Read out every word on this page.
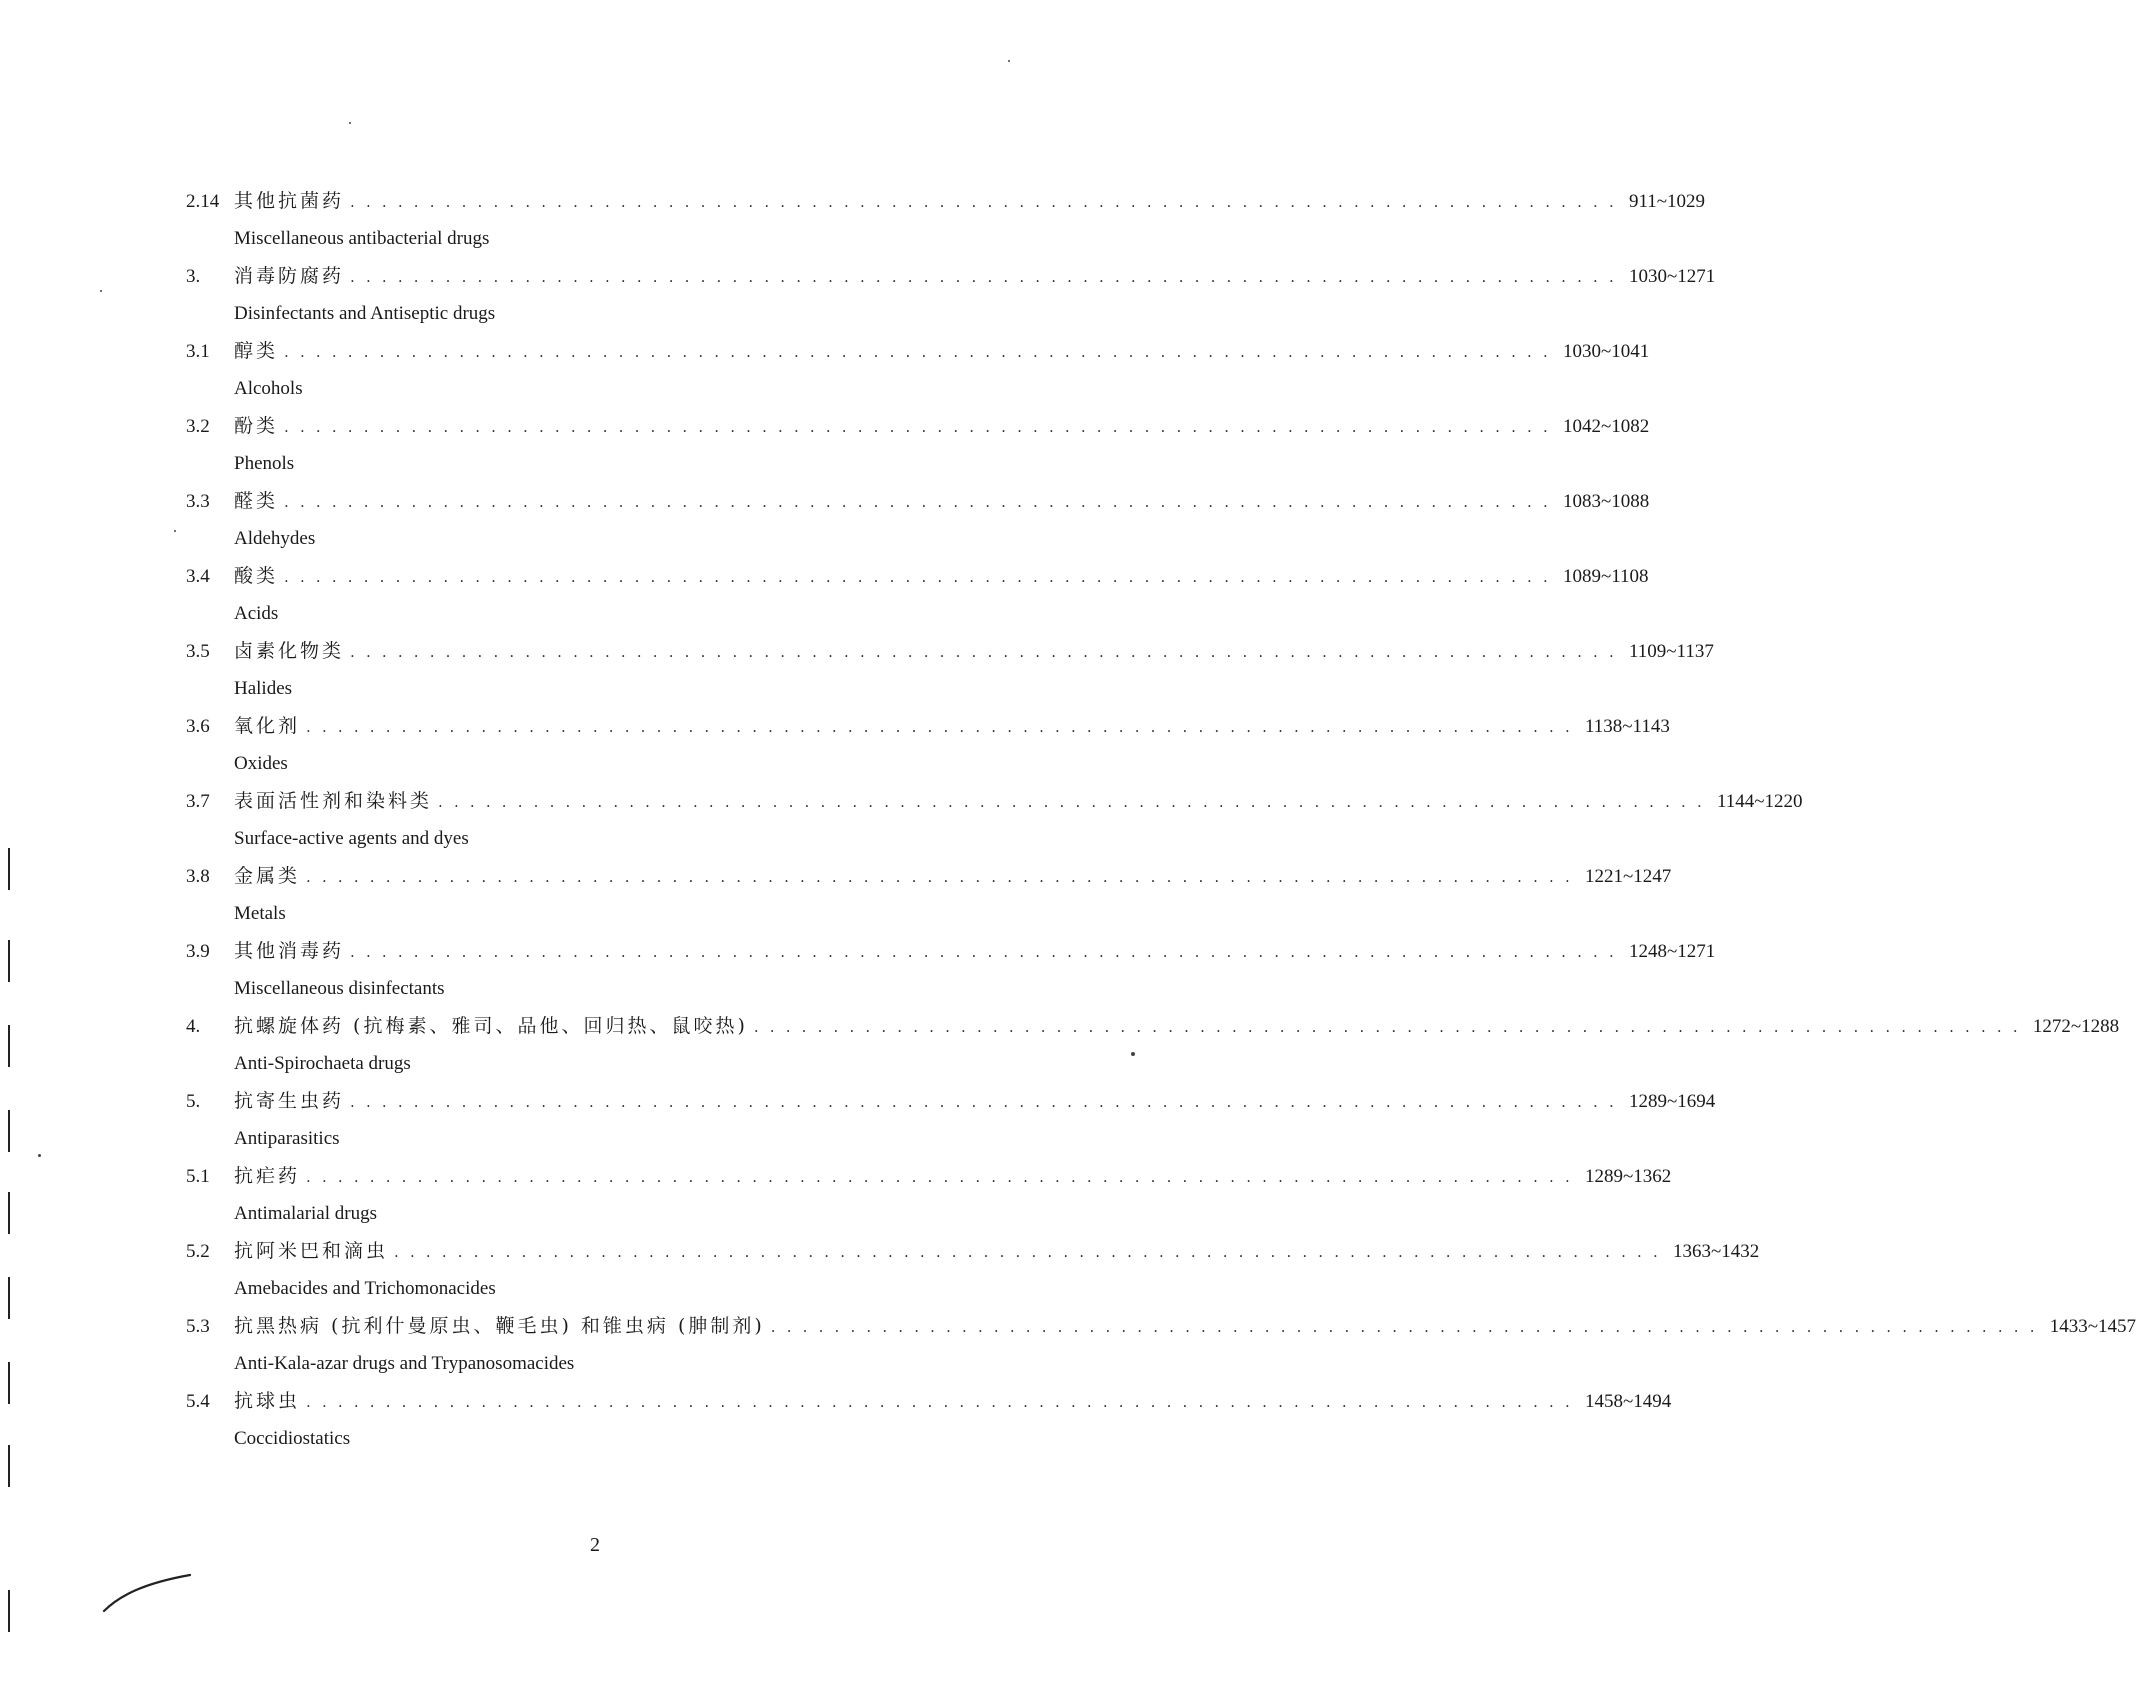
2.14 其他抗菌药 . . . . . . . . . . . . . . . . . . . . . . . . . . . . . . . . . . . . . . . . . . . . . . . . . . . . . . . . . . . . . . . . . . . . . . . . . . . . . . . . 911~1029
Miscellaneous antibacterial drugs
3.	消毒防腐药 . . . . . . . . . . . . . . . . . . . . . . . . . . . . . . . . . . . . . . . . . . . . . . . . . . . . . . . . . . . . . . . . . . . . . . . . . . . . . . . . 1030~1271
Disinfectants and Antiseptic drugs
3.1	醇类 . . . . . . . . . . . . . . . . . . . . . . . . . . . . . . . . . . . . . . . . . . . . . . . . . . . . . . . . . . . . . . . . . . . . . . . . . . . . . . . . 1030~1041
Alcohols
3.2	酚类 . . . . . . . . . . . . . . . . . . . . . . . . . . . . . . . . . . . . . . . . . . . . . . . . . . . . . . . . . . . . . . . . . . . . . . . . . . . . . . . . 1042~1082
Phenols
3.3	醛类 . . . . . . . . . . . . . . . . . . . . . . . . . . . . . . . . . . . . . . . . . . . . . . . . . . . . . . . . . . . . . . . . . . . . . . . . . . . . . . . . 1083~1088
Aldehydes
3.4	酸类 . . . . . . . . . . . . . . . . . . . . . . . . . . . . . . . . . . . . . . . . . . . . . . . . . . . . . . . . . . . . . . . . . . . . . . . . . . . . . . . . 1089~1108
Acids
3.5	卤素化物类 . . . . . . . . . . . . . . . . . . . . . . . . . . . . . . . . . . . . . . . . . . . . . . . . . . . . . . . . . . . . . . . . . . . . . . . . . . . . . . . . 1109~1137
Halides
3.6	氧化剂 . . . . . . . . . . . . . . . . . . . . . . . . . . . . . . . . . . . . . . . . . . . . . . . . . . . . . . . . . . . . . . . . . . . . . . . . . . . . . . . . 1138~1143
Oxides
3.7	表面活性剂和染料类 . . . . . . . . . . . . . . . . . . . . . . . . . . . . . . . . . . . . . . . . . . . . . . . . . . . . . . . . . . . . . . . . . . . . . . . . . . . . . . . . 1144~1220
Surface-active agents and dyes
3.8	金属类 . . . . . . . . . . . . . . . . . . . . . . . . . . . . . . . . . . . . . . . . . . . . . . . . . . . . . . . . . . . . . . . . . . . . . . . . . . . . . . . . 1221~1247
Metals
3.9	其他消毒药 . . . . . . . . . . . . . . . . . . . . . . . . . . . . . . . . . . . . . . . . . . . . . . . . . . . . . . . . . . . . . . . . . . . . . . . . . . . . . . . . 1248~1271
Miscellaneous disinfectants
4.	抗螺旋体药 (抗梅素、雅司、品他、回归热、鼠咬热) . . . . . . . . . . . . . . . . . . . . . . . . . . . . . . . . . . . . . . . . . . . . . . . . . . . . . . . . . . . . . . . . . . . . . . . . . . . . . . . . 1272~1288
Anti-Spirochaeta drugs
5.	抗寄生虫药 . . . . . . . . . . . . . . . . . . . . . . . . . . . . . . . . . . . . . . . . . . . . . . . . . . . . . . . . . . . . . . . . . . . . . . . . . . . . . . . . 1289~1694
Antiparasitics
5.1	抗疟药 . . . . . . . . . . . . . . . . . . . . . . . . . . . . . . . . . . . . . . . . . . . . . . . . . . . . . . . . . . . . . . . . . . . . . . . . . . . . . . . . 1289~1362
Antimalarial drugs
5.2	抗阿米巴和滴虫 . . . . . . . . . . . . . . . . . . . . . . . . . . . . . . . . . . . . . . . . . . . . . . . . . . . . . . . . . . . . . . . . . . . . . . . . . . . . . . . . 1363~1432
Amebacides and Trichomonacides
5.3	抗黑热病 (抗利什曼原虫、鞭毛虫) 和锥虫病 (胂制剂) . . . . . . . . . . . . . . . . . . . . . . . . . . . . . . . . . . . . . . . . . . . . . . . . . . . . . . . . . . . . . . . . . . . . . . . . . . . . . . . . 1433~1457
Anti-Kala-azar drugs and Trypanosomacides
5.4	抗球虫 . . . . . . . . . . . . . . . . . . . . . . . . . . . . . . . . . . . . . . . . . . . . . . . . . . . . . . . . . . . . . . . . . . . . . . . . . . . . . . . . 1458~1494
Coccidiostatics
2
